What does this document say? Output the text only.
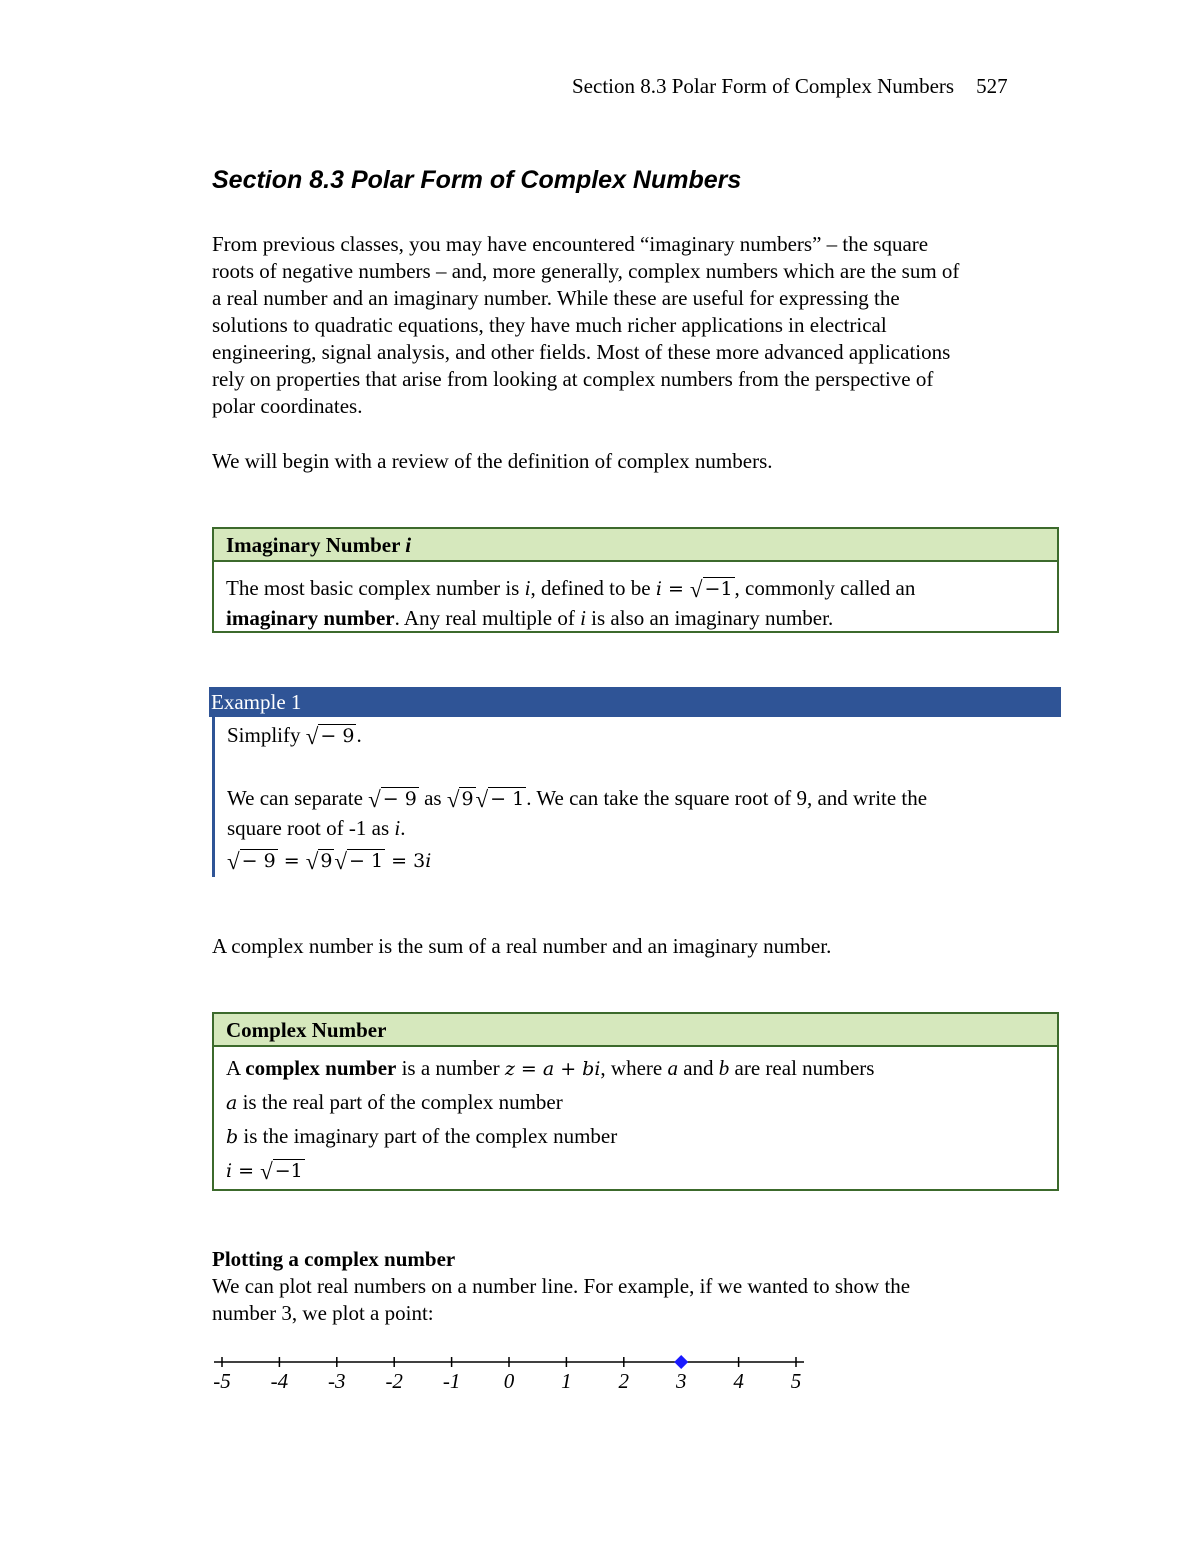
Section 8.3 Polar Form of Complex Numbers 527
Section 8.3 Polar Form of Complex Numbers
From previous classes, you may have encountered “imaginary numbers” – the square
roots of negative numbers – and, more generally, complex numbers which are the sum of
a real number and an imaginary number. While these are useful for expressing the
solutions to quadratic equations, they have much richer applications in electrical
engineering, signal analysis, and other fields. Most of these more advanced applications
rely on properties that arise from looking at complex numbers from the perspective of
polar coordinates.
We will begin with a review of the definition of complex numbers.
Imaginary Number i
The most basic complex number is i, defined to be i = √ −1, commonly called an
imaginary number. Any real multiple of i is also an imaginary number.
Example 1
Simplify √ − 9.
We can separate √ − 9 as √ 9√ − 1. We can take the square root of 9, and write the
square root of -1 as i.
√ − 9 = √ 9√ − 1 = 3i
A complex number is the sum of a real number and an imaginary number.
Complex Number
A complex number is a number z = a + bi, where a and b are real numbers
a is the real part of the complex number
b is the imaginary part of the complex number
i = √ −1
Plotting a complex number
We can plot real numbers on a number line. For example, if we wanted to show the
number 3, we plot a point:
-5 -4 -3 -2 -1 0 1 2 3 4 5
